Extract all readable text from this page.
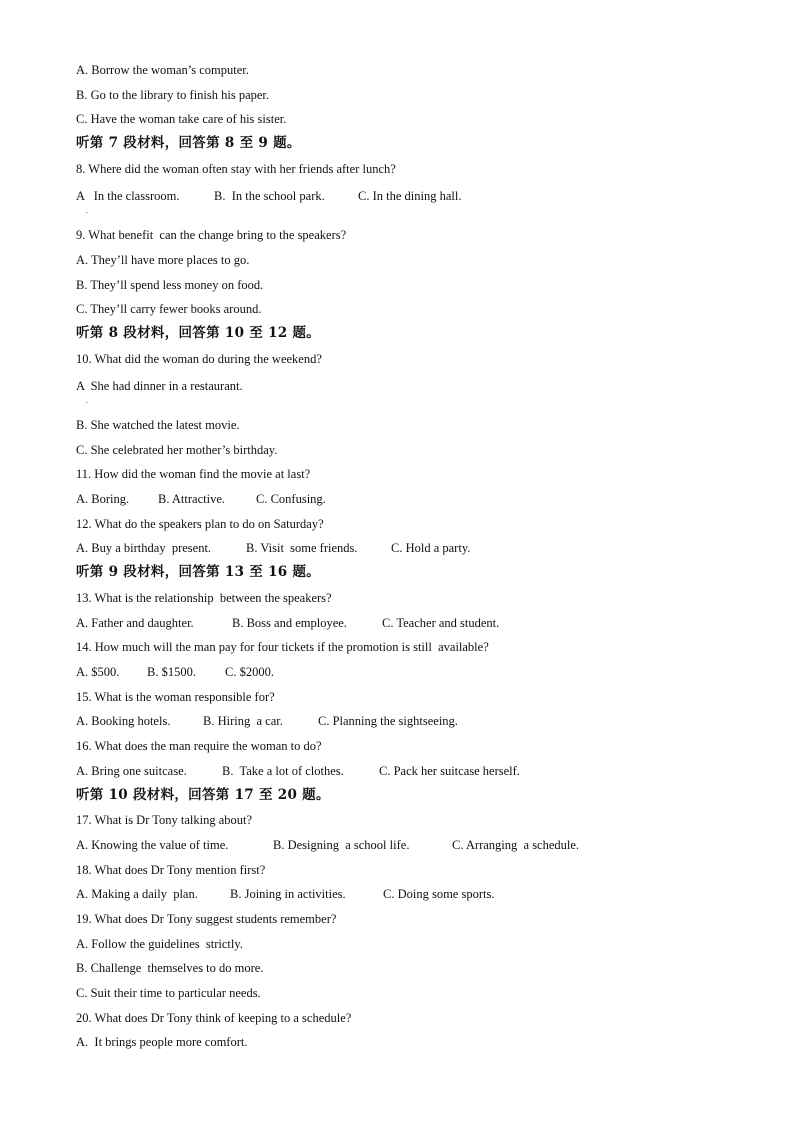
A. Borrow the woman’s computer.
B. Go to the library to finish his paper.
C. Have the woman take care of his sister.
听第 7 段材料，回答第 8 至 9 题。
8. Where did the woman often stay with her friends after lunch?
A   In the classroom.	B.  In the school park.	C. In the dining hall.
.
9. What benefit  can the change bring to the speakers?
A. They’ll have more places to go.
B. They’ll spend less money on food.
C. They’ll carry fewer books around.
听第 8 段材料，回答第 10 至 12 题。
10. What did the woman do during the weekend?
A  She had dinner in a restaurant.
.
B. She watched the latest movie.
C. She celebrated her mother’s birthday.
11. How did the woman find the movie at last?
A. Boring. B. Attractive. C. Confusing.
12. What do the speakers plan to do on Saturday?
A. Buy a birthday  present.	B. Visit  some friends.	C. Hold a party.
听第 9 段材料，回答第 13 至 16 题。
13. What is the relationship  between the speakers?
A. Father and daughter.	B. Boss and employee.	C. Teacher and student.
14. How much will the man pay for four tickets if the promotion is still  available?
A. $500. B. $1500. C. $2000.
15. What is the woman responsible for?
A. Booking hotels.	B. Hiring  a car.	C. Planning the sightseeing.
16. What does the man require the woman to do?
A. Bring one suitcase.	B.  Take a lot of clothes.	C. Pack her suitcase herself.
听第 10 段材料，回答第 17 至 20 题。
17. What is Dr Tony talking about?
A. Knowing the value of time.	B. Designing  a school life.	C. Arranging  a schedule.
18. What does Dr Tony mention first?
A. Making a daily  plan.	B. Joining in activities.	C. Doing some sports.
19. What does Dr Tony suggest students remember?
A. Follow the guidelines  strictly.
B. Challenge  themselves to do more.
C. Suit their time to particular needs.
20. What does Dr Tony think of keeping to a schedule?
A.  It brings people more comfort.
